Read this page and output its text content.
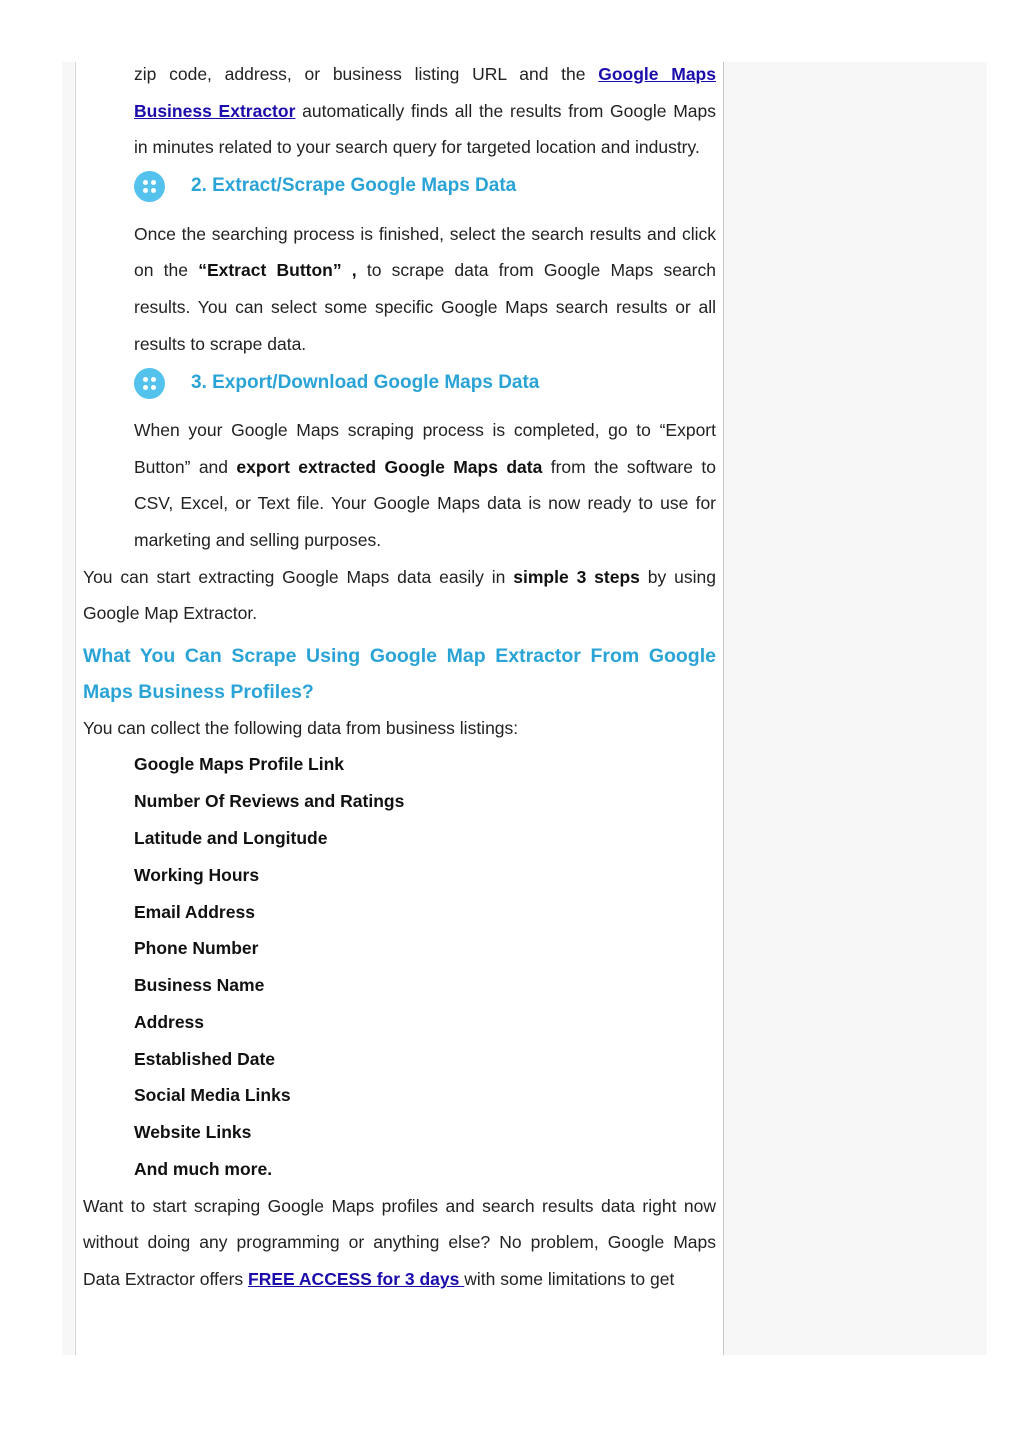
zip code, address, or business listing URL and the Google Maps Business Extractor automatically finds all the results from Google Maps in minutes related to your search query for targeted location and industry.

2. Extract/Scrape Google Maps Data

Once the searching process is finished, select the search results and click on the “Extract Button” , to scrape data from Google Maps search results. You can select some specific Google Maps search results or all results to scrape data.

3. Export/Download Google Maps Data

When your Google Maps scraping process is completed, go to “Export Button” and export extracted Google Maps data from the software to CSV, Excel, or Text file. Your Google Maps data is now ready to use for marketing and selling purposes.

You can start extracting Google Maps data easily in simple 3 steps by using Google Map Extractor.

What You Can Scrape Using Google Map Extractor From Google Maps Business Profiles?

You can collect the following data from business listings:

Google Maps Profile Link
Number Of Reviews and Ratings
Latitude and Longitude
Working Hours
Email Address
Phone Number
Business Name
Address
Established Date
Social Media Links
Website Links
And much more.

Want to start scraping Google Maps profiles and search results data right now without doing any programming or anything else? No problem, Google Maps Data Extractor offers FREE ACCESS for 3 days with some limitations to get
